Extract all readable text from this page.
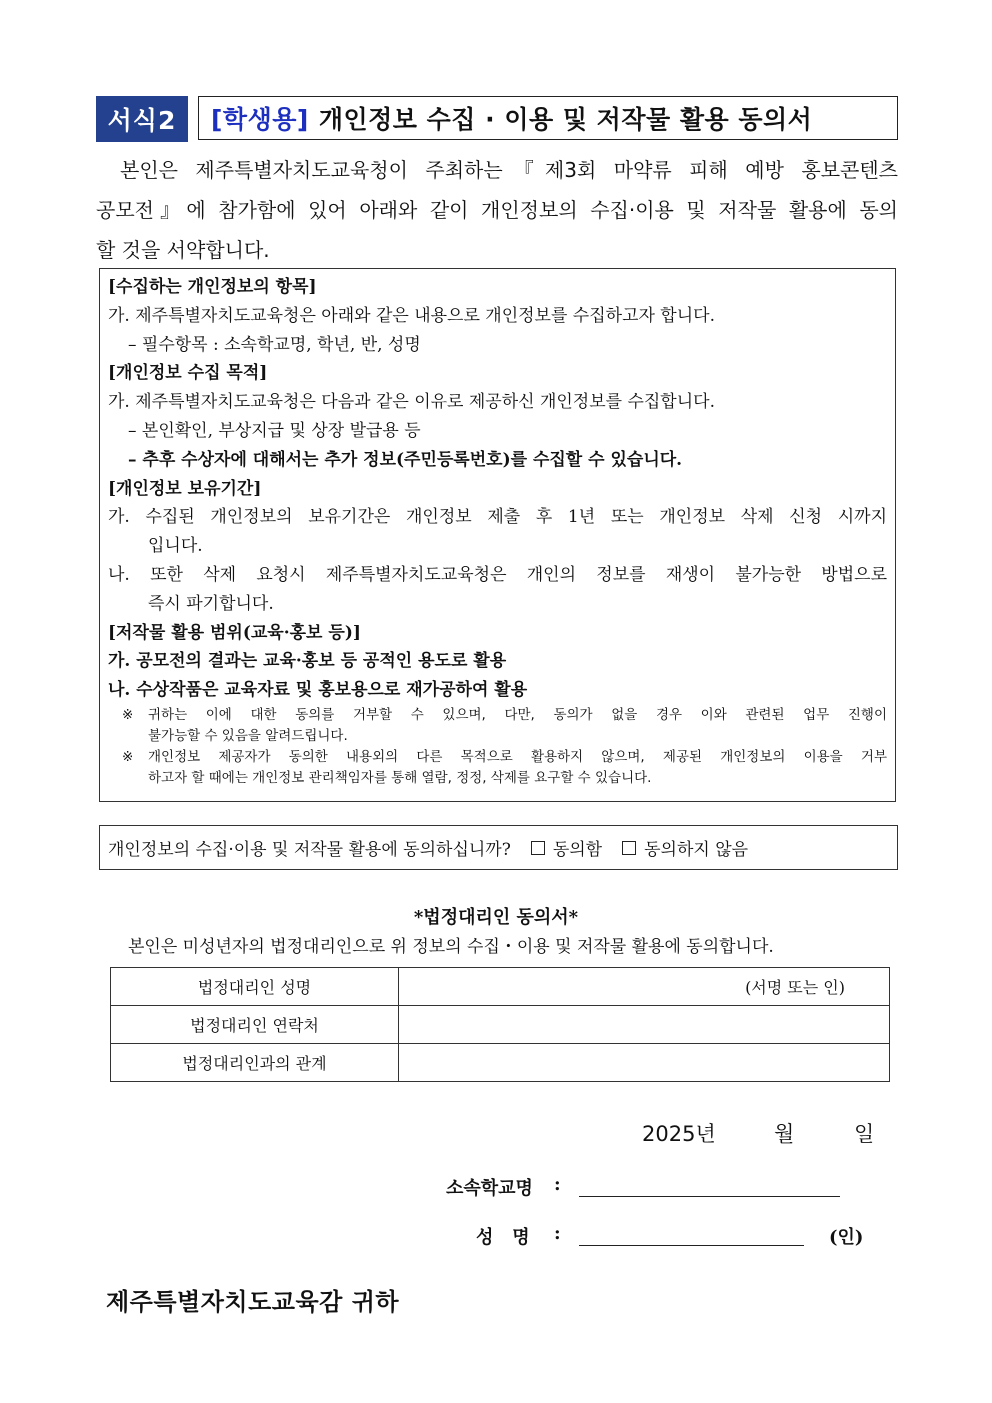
서식2	[학생용] 개인정보 수집 · 이용 및 저작물 활용 동의서

본인은 제주특별자치도교육청이 주최하는『제3회 마약류 피해 예방 홍보콘텐츠

공모전』에 참가함에 있어 아래와 같이 개인정보의 수집·이용 및 저작물 활용에 동의

할 것을 서약합니다.

[수집하는 개인정보의 항목]
가. 제주특별자치도교육청은 아래와 같은 내용으로 개인정보를 수집하고자 합니다.
– 필수항목 : 소속학교명, 학년, 반, 성명
[개인정보 수집 목적]
가. 제주특별자치도교육청은 다음과 같은 이유로 제공하신 개인정보를 수집합니다.
– 본인확인, 부상지급 및 상장 발급용 등
– 추후 수상자에 대해서는 추가 정보(주민등록번호)를 수집할 수 있습니다.
[개인정보 보유기간]
가. 수집된 개인정보의 보유기간은 개인정보 제출 후 1년 또는 개인정보 삭제 신청 시까지
입니다.
나. 또한 삭제 요청시 제주특별자치도교육청은 개인의 정보를 재생이 불가능한 방법으로
즉시 파기합니다.
[저작물 활용 범위(교육·홍보 등)]
가. 공모전의 결과는 교육·홍보 등 공적인 용도로 활용
나. 수상작품은 교육자료 및 홍보용으로 재가공하여 활용
※	귀하는 이에 대한 동의를 거부할 수 있으며, 다만, 동의가 없을 경우 이와 관련된 업무 진행이
불가능할 수 있음을 알려드립니다.
※	개인정보 제공자가 동의한 내용외의 다른 목적으로 활용하지 않으며, 제공된 개인정보의 이용을 거부
하고자 할 때에는 개인정보 관리책임자를 통해 열람, 정정, 삭제를 요구할 수 있습니다.
개인정보의 수집·이용 및 저작물 활용에 동의하십니까? 동의함 동의하지 않음
*법정대리인 동의서*
본인은 미성년자의 법정대리인으로 위 정보의 수집・이용 및 저작물 활용에 동의합니다.
법정대리인 성명	(서명 또는 인)
법정대리인 연락처	
법정대리인과의 관계	
2025년	월	일
소속학교명 :
성   명 :	(인)
제주특별자치도교육감 귀하
